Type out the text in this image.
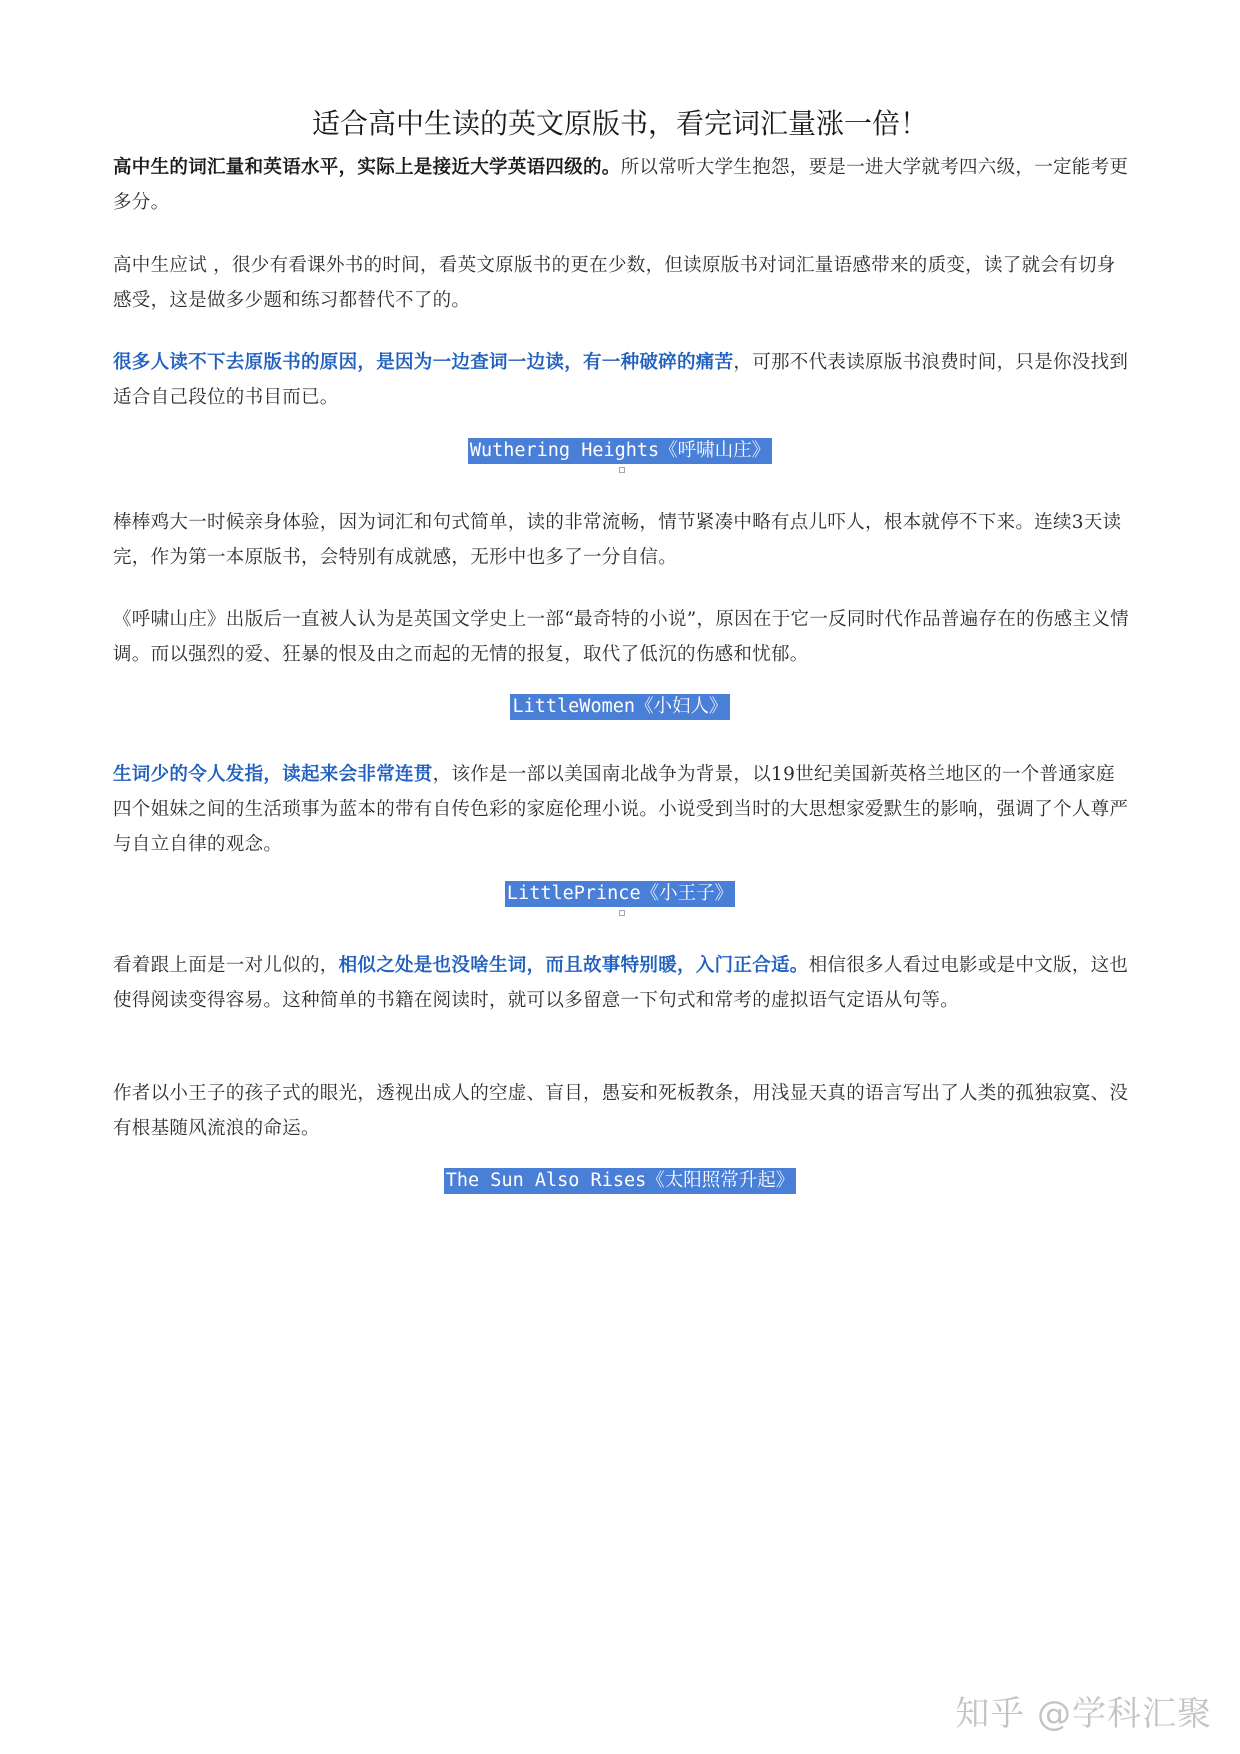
适合高中生读的英文原版书，看完词汇量涨一倍！

高中生的词汇量和英语水平，实际上是接近大学英语四级的。所以常听大学生抱怨，要是一进大学就考四六级，一定能考更多分。

高中生应试 ，很少有看课外书的时间，看英文原版书的更在少数，但读原版书对词汇量语感带来的质变，读了就会有切身感受，这是做多少题和练习都替代不了的。

很多人读不下去原版书的原因，是因为一边查词一边读，有一种破碎的痛苦，可那不代表读原版书浪费时间，只是你没找到适合自己段位的书目而已。

Wuthering Heights《呼啸山庄》

棒棒鸡大一时候亲身体验，因为词汇和句式简单，读的非常流畅，情节紧凑中略有点儿吓人，根本就停不下来。连续3天读完，作为第一本原版书，会特别有成就感，无形中也多了一分自信。

《呼啸山庄》出版后一直被人认为是英国文学史上一部“最奇特的小说”，原因在于它一反同时代作品普遍存在的伤感主义情调。而以强烈的爱、狂暴的恨及由之而起的无情的报复，取代了低沉的伤感和忧郁。

LittleWomen《小妇人》

生词少的令人发指，读起来会非常连贯，该作是一部以美国南北战争为背景，以19世纪美国新英格兰地区的一个普通家庭四个姐妹之间的生活琐事为蓝本的带有自传色彩的家庭伦理小说。小说受到当时的大思想家爱默生的影响，强调了个人尊严与自立自律的观念。

LittlePrince《小王子》

看着跟上面是一对儿似的，相似之处是也没啥生词，而且故事特别暖，入门正合适。相信很多人看过电影或是中文版，这也使得阅读变得容易。这种简单的书籍在阅读时，就可以多留意一下句式和常考的虚拟语气定语从句等。

作者以小王子的孩子式的眼光，透视出成人的空虚、盲目，愚妄和死板教条，用浅显天真的语言写出了人类的孤独寂寞、没有根基随风流浪的命运。

The Sun Also Rises《太阳照常升起》
知乎 @学科汇聚
